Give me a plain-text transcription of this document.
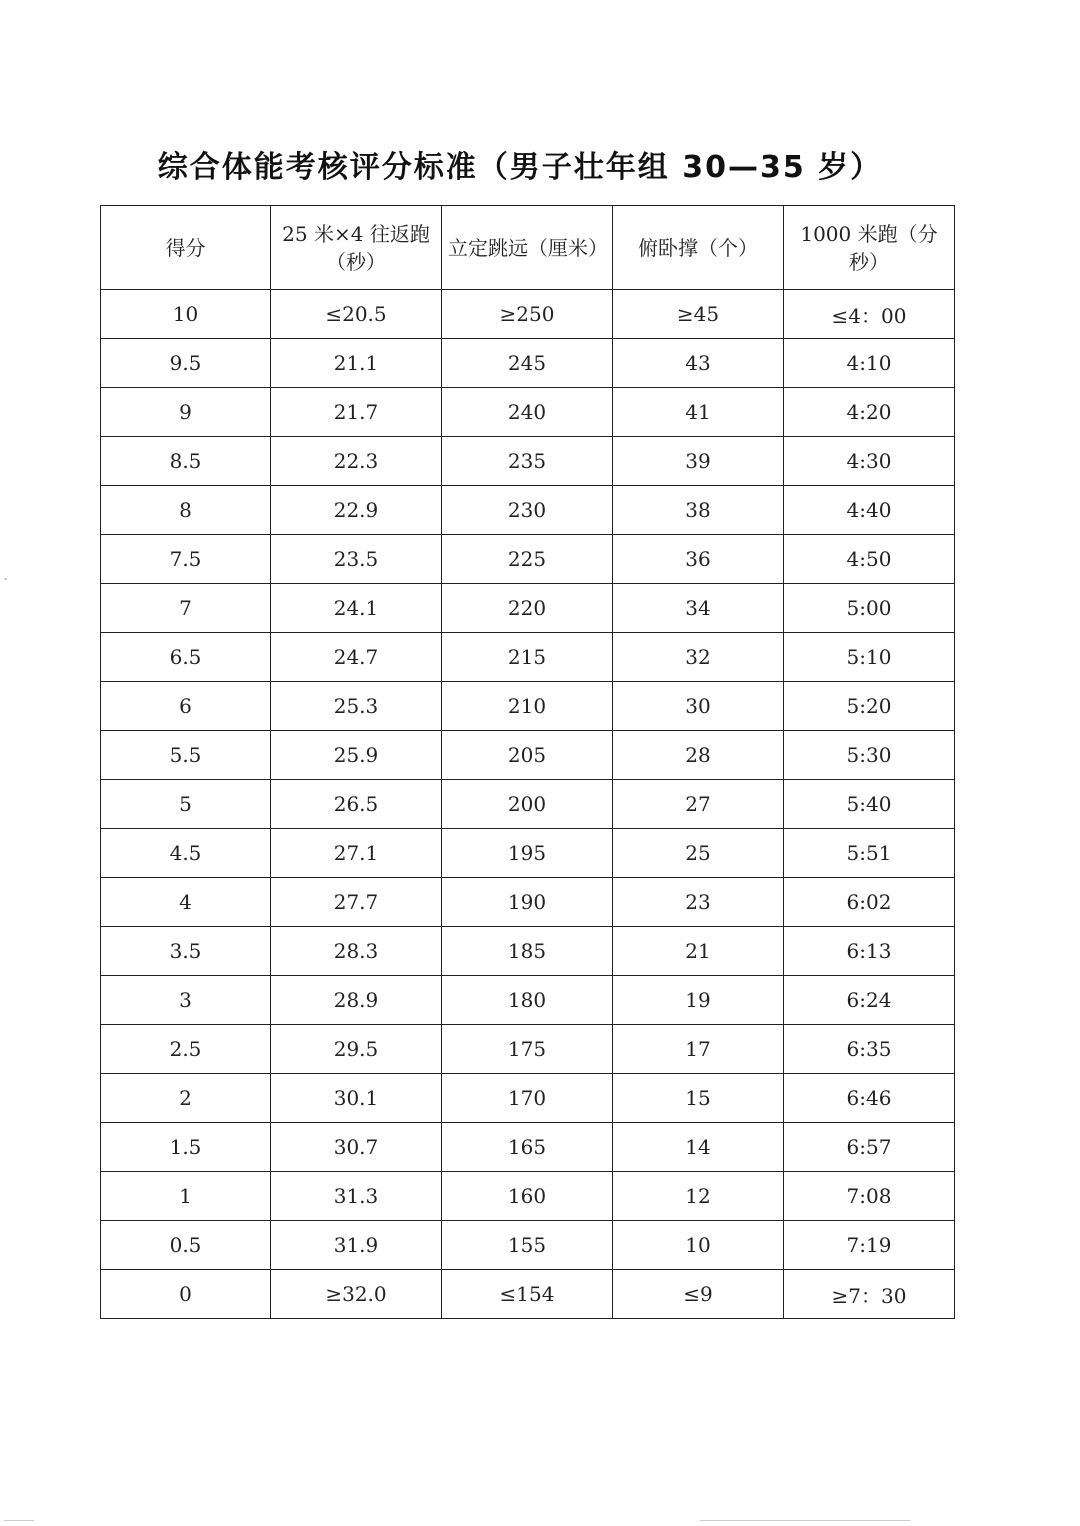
综合体能考核评分标准（男子壮年组 30—35 岁）
得分	25 米×4 往返跑（秒）	立定跳远（厘米）	俯卧撑（个）	1000 米跑（分秒）
10	≤20.5	≥250	≥45	≤4：00
9.5	21.1	245	43	4:10
9	21.7	240	41	4:20
8.5	22.3	235	39	4:30
8	22.9	230	38	4:40
7.5	23.5	225	36	4:50
7	24.1	220	34	5:00
6.5	24.7	215	32	5:10
6	25.3	210	30	5:20
5.5	25.9	205	28	5:30
5	26.5	200	27	5:40
4.5	27.1	195	25	5:51
4	27.7	190	23	6:02
3.5	28.3	185	21	6:13
3	28.9	180	19	6:24
2.5	29.5	175	17	6:35
2	30.1	170	15	6:46
1.5	30.7	165	14	6:57
1	31.3	160	12	7:08
0.5	31.9	155	10	7:19
0	≥32.0	≤154	≤9	≥7：30
